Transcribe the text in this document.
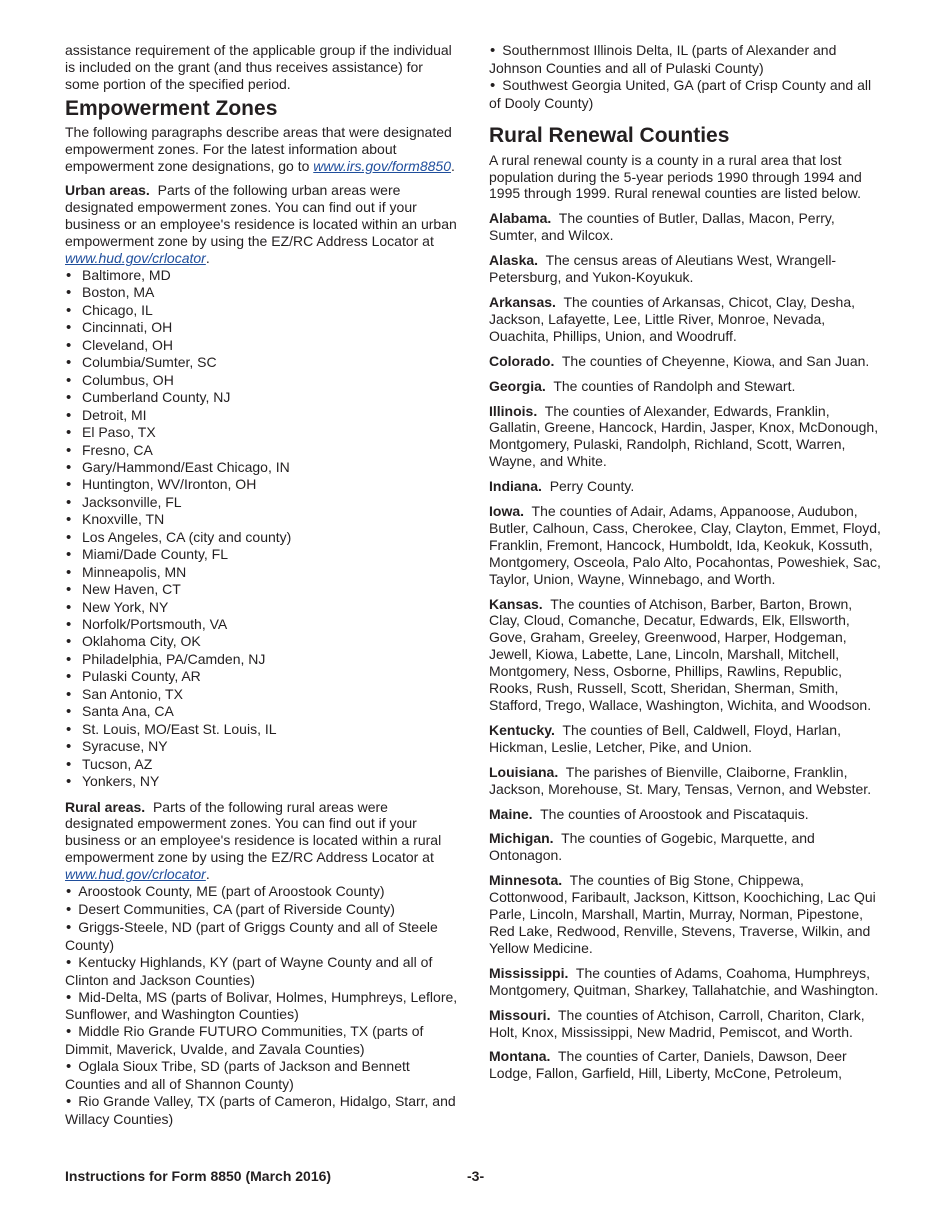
assistance requirement of the applicable group if the individual is included on the grant (and thus receives assistance) for some portion of the specified period.

Empowerment Zones

The following paragraphs describe areas that were designated empowerment zones. For the latest information about empowerment zone designations, go to www.irs.gov/form8850.

Urban areas. Parts of the following urban areas were designated empowerment zones. You can find out if your business or an employee's residence is located within an urban empowerment zone by using the EZ/RC Address Locator at www.hud.gov/crlocator.

• Baltimore, MD
• Boston, MA
• Chicago, IL
• Cincinnati, OH
• Cleveland, OH
• Columbia/Sumter, SC
• Columbus, OH
• Cumberland County, NJ
• Detroit, MI
• El Paso, TX
• Fresno, CA
• Gary/Hammond/East Chicago, IN
• Huntington, WV/Ironton, OH
• Jacksonville, FL
• Knoxville, TN
• Los Angeles, CA (city and county)
• Miami/Dade County, FL
• Minneapolis, MN
• New Haven, CT
• New York, NY
• Norfolk/Portsmouth, VA
• Oklahoma City, OK
• Philadelphia, PA/Camden, NJ
• Pulaski County, AR
• San Antonio, TX
• Santa Ana, CA
• St. Louis, MO/East St. Louis, IL
• Syracuse, NY
• Tucson, AZ
• Yonkers, NY

Rural areas. Parts of the following rural areas were designated empowerment zones. You can find out if your business or an employee's residence is located within a rural empowerment zone by using the EZ/RC Address Locator at www.hud.gov/crlocator.

• Aroostook County, ME (part of Aroostook County)
• Desert Communities, CA (part of Riverside County)
• Griggs-Steele, ND (part of Griggs County and all of Steele County)
• Kentucky Highlands, KY (part of Wayne County and all of Clinton and Jackson Counties)
• Mid-Delta, MS (parts of Bolivar, Holmes, Humphreys, Leflore, Sunflower, and Washington Counties)
• Middle Rio Grande FUTURO Communities, TX (parts of Dimmit, Maverick, Uvalde, and Zavala Counties)
• Oglala Sioux Tribe, SD (parts of Jackson and Bennett Counties and all of Shannon County)
• Rio Grande Valley, TX (parts of Cameron, Hidalgo, Starr, and Willacy Counties)
• Southernmost Illinois Delta, IL (parts of Alexander and Johnson Counties and all of Pulaski County)
• Southwest Georgia United, GA (part of Crisp County and all of Dooly County)
Rural Renewal Counties

A rural renewal county is a county in a rural area that lost population during the 5-year periods 1990 through 1994 and 1995 through 1999. Rural renewal counties are listed below.

Alabama. The counties of Butler, Dallas, Macon, Perry, Sumter, and Wilcox.

Alaska. The census areas of Aleutians West, Wrangell-Petersburg, and Yukon-Koyukuk.

Arkansas. The counties of Arkansas, Chicot, Clay, Desha, Jackson, Lafayette, Lee, Little River, Monroe, Nevada, Ouachita, Phillips, Union, and Woodruff.

Colorado. The counties of Cheyenne, Kiowa, and San Juan.

Georgia. The counties of Randolph and Stewart.

Illinois. The counties of Alexander, Edwards, Franklin, Gallatin, Greene, Hancock, Hardin, Jasper, Knox, McDonough, Montgomery, Pulaski, Randolph, Richland, Scott, Warren, Wayne, and White.

Indiana. Perry County.

Iowa. The counties of Adair, Adams, Appanoose, Audubon, Butler, Calhoun, Cass, Cherokee, Clay, Clayton, Emmet, Floyd, Franklin, Fremont, Hancock, Humboldt, Ida, Keokuk, Kossuth, Montgomery, Osceola, Palo Alto, Pocahontas, Poweshiek, Sac, Taylor, Union, Wayne, Winnebago, and Worth.

Kansas. The counties of Atchison, Barber, Barton, Brown, Clay, Cloud, Comanche, Decatur, Edwards, Elk, Ellsworth, Gove, Graham, Greeley, Greenwood, Harper, Hodgeman, Jewell, Kiowa, Labette, Lane, Lincoln, Marshall, Mitchell, Montgomery, Ness, Osborne, Phillips, Rawlins, Republic, Rooks, Rush, Russell, Scott, Sheridan, Sherman, Smith, Stafford, Trego, Wallace, Washington, Wichita, and Woodson.

Kentucky. The counties of Bell, Caldwell, Floyd, Harlan, Hickman, Leslie, Letcher, Pike, and Union.

Louisiana. The parishes of Bienville, Claiborne, Franklin, Jackson, Morehouse, St. Mary, Tensas, Vernon, and Webster.

Maine. The counties of Aroostook and Piscataquis.

Michigan. The counties of Gogebic, Marquette, and Ontonagon.

Minnesota. The counties of Big Stone, Chippewa, Cottonwood, Faribault, Jackson, Kittson, Koochiching, Lac Qui Parle, Lincoln, Marshall, Martin, Murray, Norman, Pipestone, Red Lake, Redwood, Renville, Stevens, Traverse, Wilkin, and Yellow Medicine.

Mississippi. The counties of Adams, Coahoma, Humphreys, Montgomery, Quitman, Sharkey, Tallahatchie, and Washington.

Missouri. The counties of Atchison, Carroll, Chariton, Clark, Holt, Knox, Mississippi, New Madrid, Pemiscot, and Worth.

Montana. The counties of Carter, Daniels, Dawson, Deer Lodge, Fallon, Garfield, Hill, Liberty, McCone, Petroleum,

Instructions for Form 8850 (March 2016)	-3-
